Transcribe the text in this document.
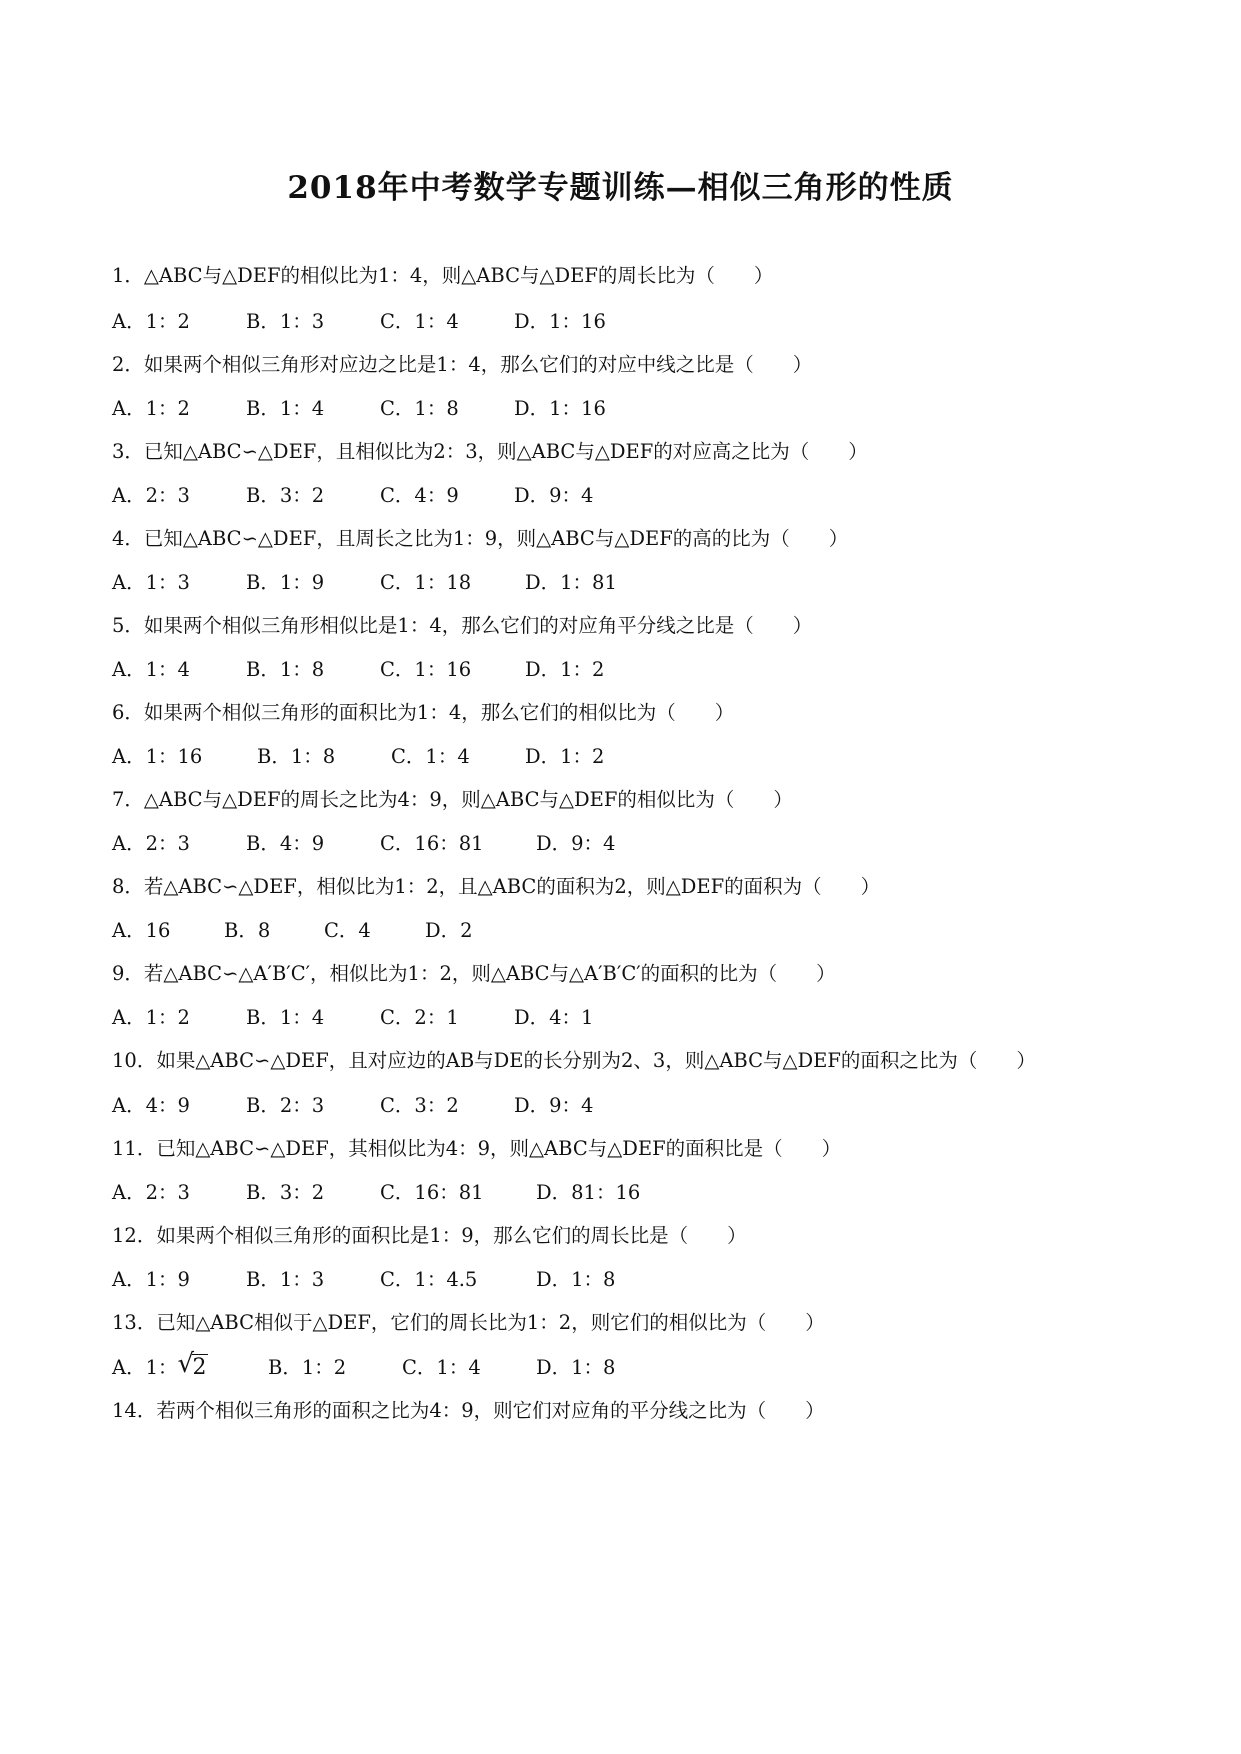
2018年中考数学专题训练—相似三角形的性质
1．△ABC与△DEF的相似比为1：4，则△ABC与△DEF的周长比为（　　）
A．1：2	B．1：3	C．1：4	D．1：16
2．如果两个相似三角形对应边之比是1：4，那么它们的对应中线之比是（　　）
A．1：2	B．1：4	C．1：8	D．1：16
3．已知△ABC∽△DEF，且相似比为2：3，则△ABC与△DEF的对应高之比为（　　）
A．2：3	B．3：2	C．4：9	D．9：4
4．已知△ABC∽△DEF，且周长之比为1：9，则△ABC与△DEF的高的比为（　　）
A．1：3	B．1：9	C．1：18	D．1：81
5．如果两个相似三角形相似比是1：4，那么它们的对应角平分线之比是（　　）
A．1：4	B．1：8	C．1：16	D．1：2
6．如果两个相似三角形的面积比为1：4，那么它们的相似比为（　　）
A．1：16	B．1：8	C．1：4	D．1：2
7．△ABC与△DEF的周长之比为4：9，则△ABC与△DEF的相似比为（　　）
A．2：3	B．4：9	C．16：81	D．9：4
8．若△ABC∽△DEF，相似比为1：2，且△ABC的面积为2，则△DEF的面积为（　　）
A．16	B．8	C．4	D．2
9．若△ABC∽△A′B′C′，相似比为1：2，则△ABC与△A′B′C′的面积的比为（　　）
A．1：2	B．1：4	C．2：1	D．4：1
10．如果△ABC∽△DEF，且对应边的AB与DE的长分别为2、3，则△ABC与△DEF的面积之比为（　　）
A．4：9	B．2：3	C．3：2	D．9：4
11．已知△ABC∽△DEF，其相似比为4：9，则△ABC与△DEF的面积比是（　　）
A．2：3	B．3：2	C．16：81	D．81：16
12．如果两个相似三角形的面积比是1：9，那么它们的周长比是（　　）
A．1：9	B．1：3	C．1：4.5	D．1：8
13．已知△ABC相似于△DEF，它们的周长比为1：2，则它们的相似比为（　　）
A．1： √
2	B．1：2	C．1：4	D．1：8
14．若两个相似三角形的面积之比为4：9，则它们对应角的平分线之比为（　　）
